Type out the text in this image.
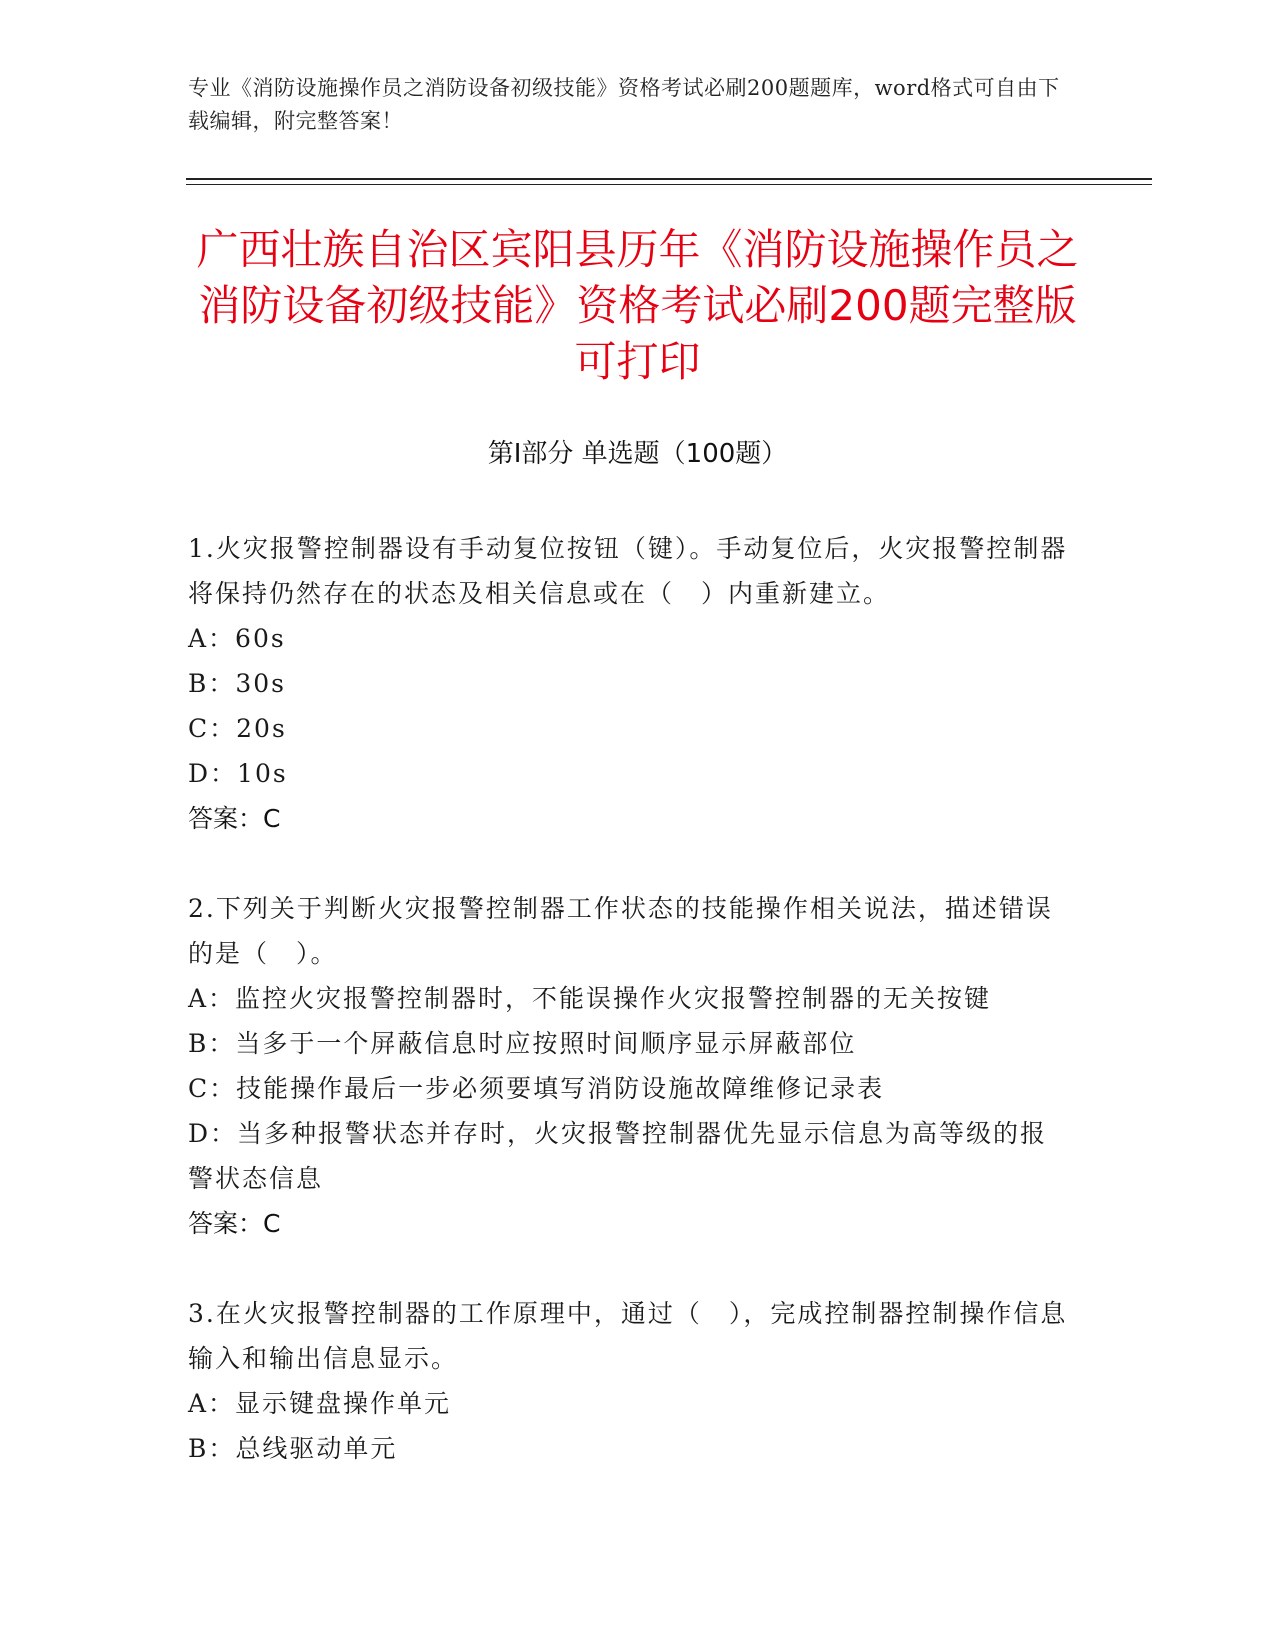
专业《消防设施操作员之消防设备初级技能》资格考试必刷200题题库，word格式可自由下载编辑，附完整答案！
广西壮族自治区宾阳县历年《消防设施操作员之消防设备初级技能》资格考试必刷200题完整版可打印
第Ⅰ部分 单选题（100题）

1.火灾报警控制器设有手动复位按钮（键）。手动复位后，火灾报警控制器将保持仍然存在的状态及相关信息或在（　）内重新建立。

A：60s

B：30s

C：20s

D：10s

答案：C

2.下列关于判断火灾报警控制器工作状态的技能操作相关说法，描述错误的是（　）。

A：监控火灾报警控制器时，不能误操作火灾报警控制器的无关按键

B：当多于一个屏蔽信息时应按照时间顺序显示屏蔽部位

C：技能操作最后一步必须要填写消防设施故障维修记录表

D：当多种报警状态并存时，火灾报警控制器优先显示信息为高等级的报警状态信息

答案：C

3.在火灾报警控制器的工作原理中，通过（　），完成控制器控制操作信息输入和输出信息显示。

A：显示键盘操作单元

B：总线驱动单元
